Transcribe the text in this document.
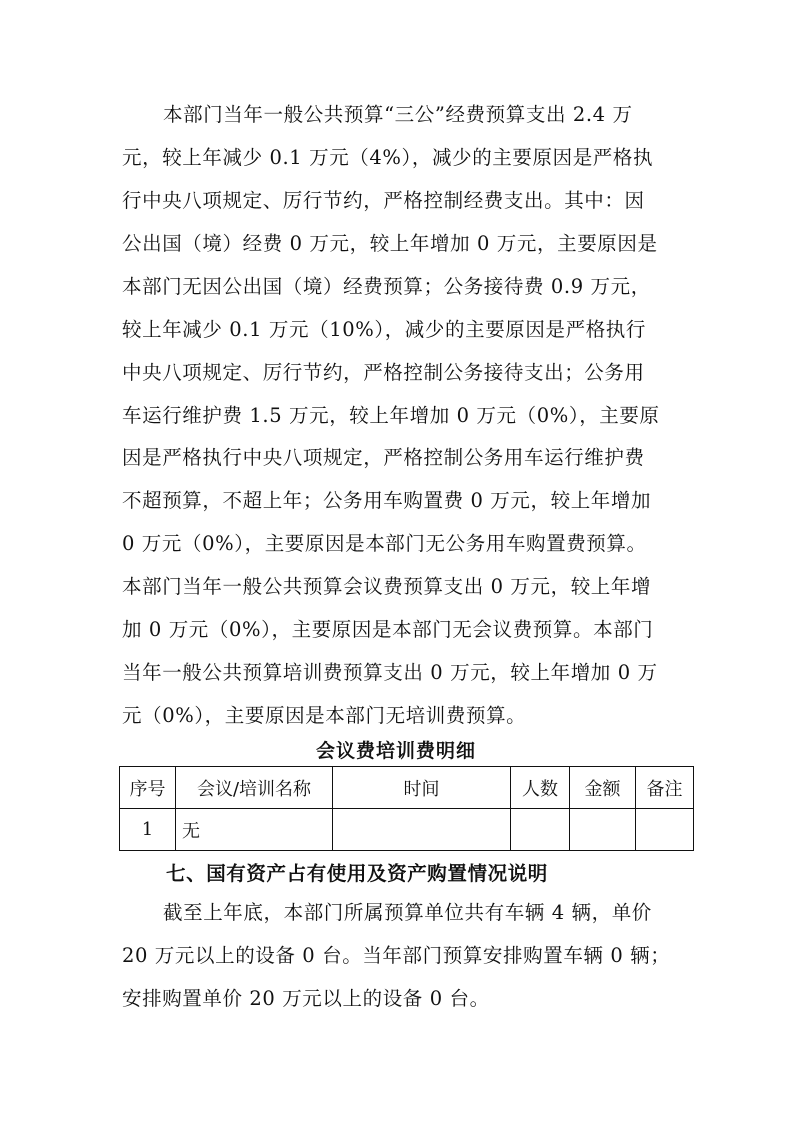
本部门当年一般公共预算“三公”经费预算支出 2.4 万
元，较上年减少 0.1 万元（4%），减少的主要原因是严格执
行中央八项规定、厉行节约，严格控制经费支出。其中：因
公出国（境）经费 0 万元，较上年增加 0 万元，主要原因是
本部门无因公出国（境）经费预算；公务接待费 0.9 万元，
较上年减少 0.1 万元（10%），减少的主要原因是严格执行
中央八项规定、厉行节约，严格控制公务接待支出；公务用
车运行维护费 1.5 万元，较上年增加 0 万元（0%），主要原
因是严格执行中央八项规定，严格控制公务用车运行维护费
不超预算，不超上年；公务用车购置费 0 万元，较上年增加
0 万元（0%），主要原因是本部门无公务用车购置费预算。
本部门当年一般公共预算会议费预算支出 0 万元，较上年增
加 0 万元（0%），主要原因是本部门无会议费预算。本部门
当年一般公共预算培训费预算支出 0 万元，较上年增加 0 万
元（0%），主要原因是本部门无培训费预算。
会议费培训费明细
序号	会议/培训名称	时间	人数	金额	备注
1	无				
七、国有资产占有使用及资产购置情况说明
截至上年底，本部门所属预算单位共有车辆 4 辆，单价
20 万元以上的设备 0 台。当年部门预算安排购置车辆 0 辆；
安排购置单价 20 万元以上的设备 0 台。
